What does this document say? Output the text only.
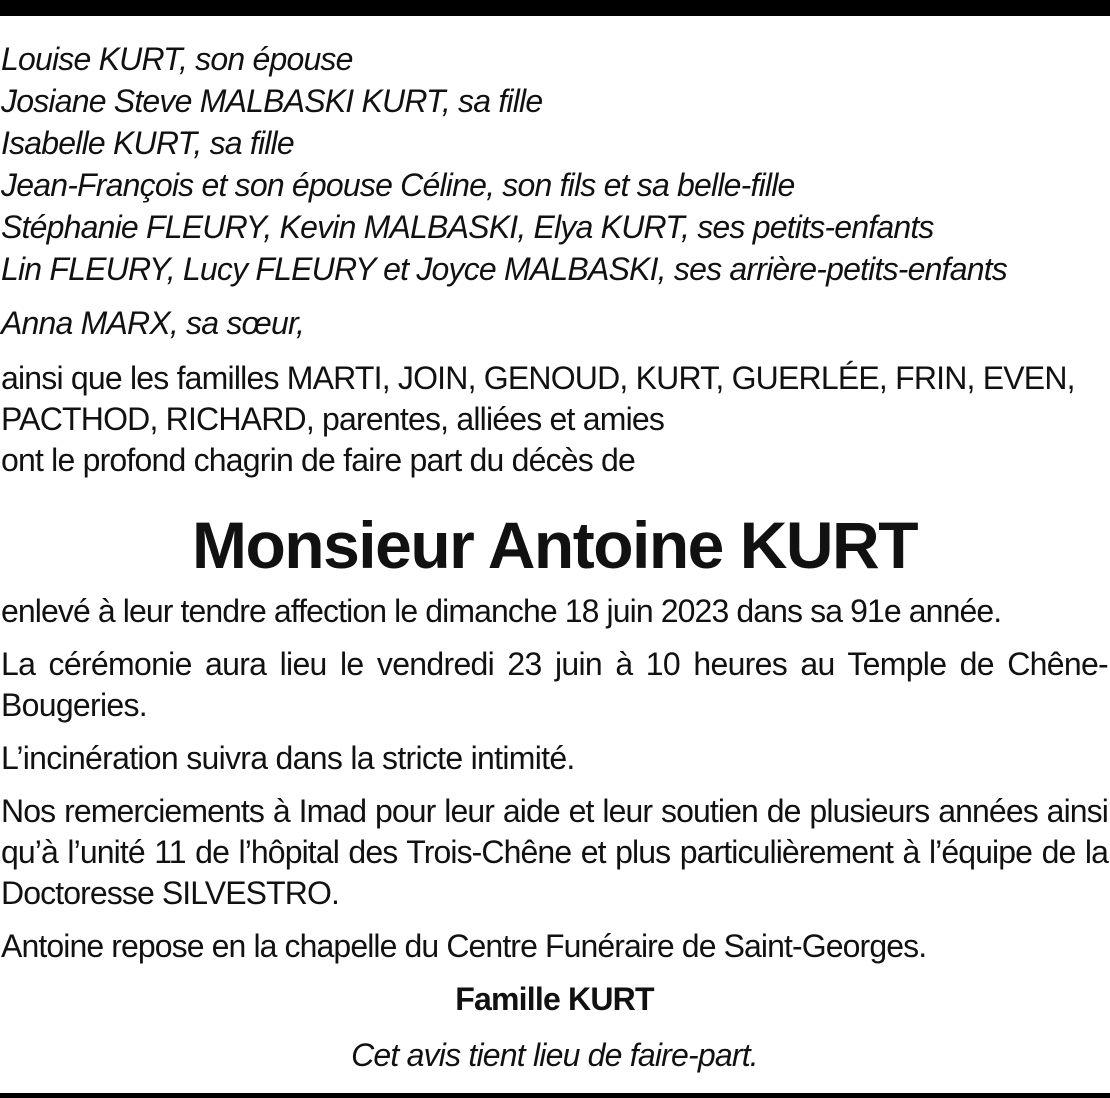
Louise KURT, son épouse
Josiane Steve MALBASKI KURT, sa fille
Isabelle KURT, sa fille
Jean-François et son épouse Céline, son fils et sa belle-fille
Stéphanie FLEURY, Kevin MALBASKI, Elya KURT, ses petits-enfants
Lin FLEURY, Lucy FLEURY et Joyce MALBASKI, ses arrière-petits-enfants
Anna MARX, sa sœur,
ainsi que les familles MARTI, JOIN, GENOUD, KURT, GUERLÉE, FRIN, EVEN,
PACTHOD, RICHARD, parentes, alliées et amies
ont le profond chagrin de faire part du décès de
Monsieur Antoine KURT
enlevé à leur tendre affection le dimanche 18 juin 2023 dans sa 91e année.
La cérémonie aura lieu le vendredi 23 juin à 10 heures au Temple de Chêne-Bougeries.
L’incinération suivra dans la stricte intimité.
Nos remerciements à Imad pour leur aide et leur soutien de plusieurs années ainsi qu’à l’unité 11 de l’hôpital des Trois-Chêne et plus particulièrement à l’équipe de la Doctoresse SILVESTRO.
Antoine repose en la chapelle du Centre Funéraire de Saint-Georges.
Famille KURT
Cet avis tient lieu de faire-part.
